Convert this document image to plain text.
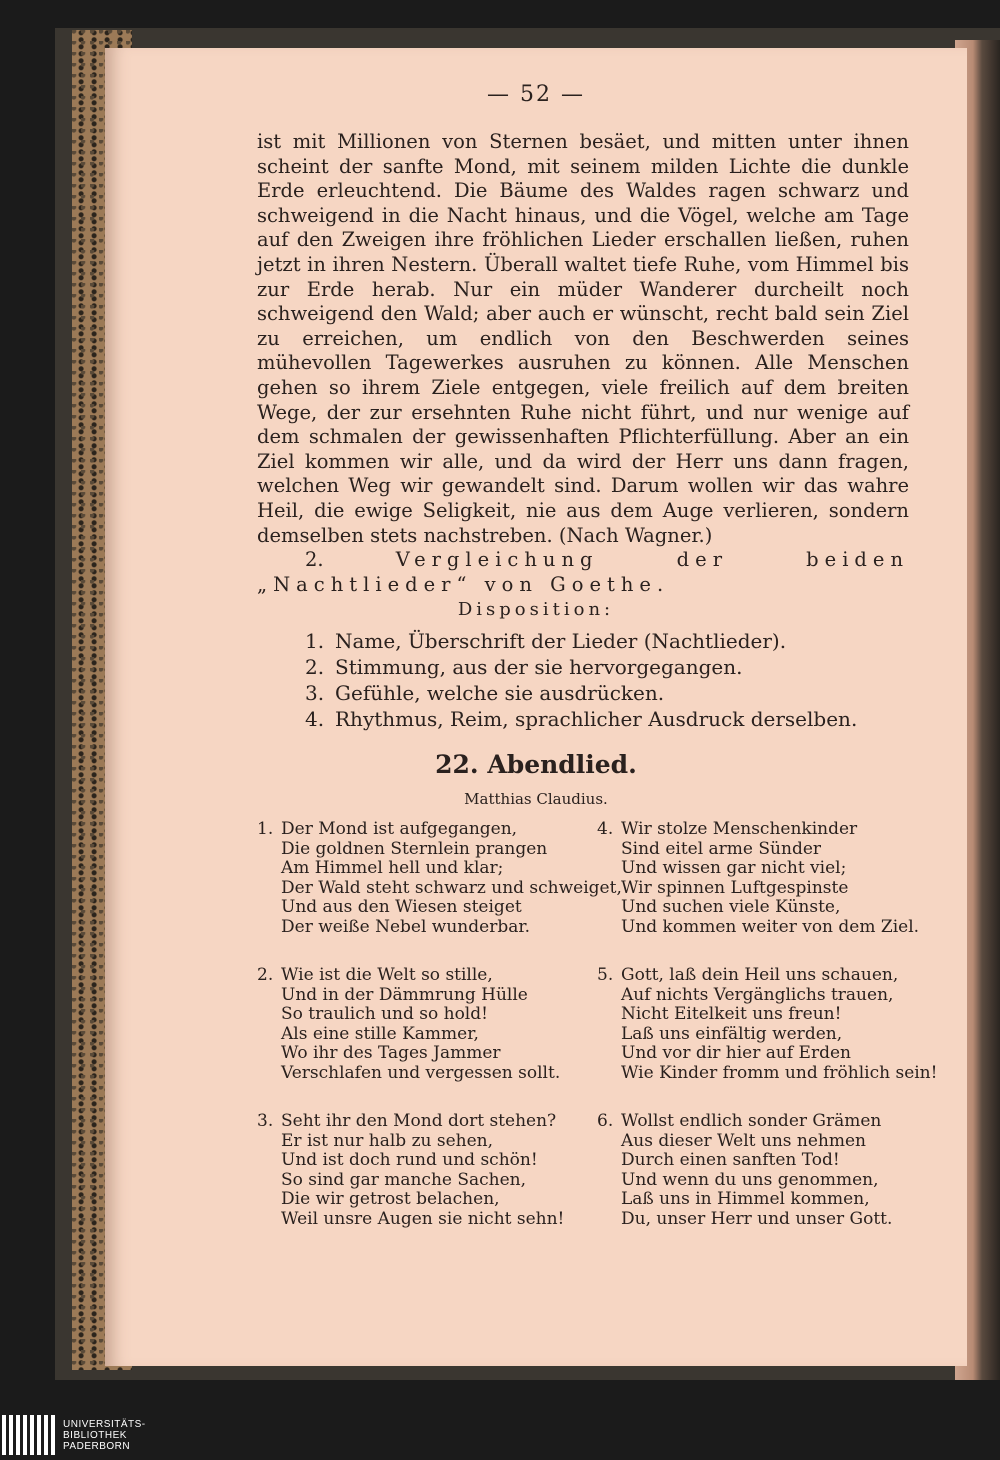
— 52 —

ist mit Millionen von Sternen besäet, und mitten unter ihnen scheint der sanfte Mond, mit seinem milden Lichte die dunkle Erde erleuchtend. Die Bäume des Waldes ragen schwarz und schweigend in die Nacht hinaus, und die Vögel, welche am Tage auf den Zweigen ihre fröhlichen Lieder erschallen ließen, ruhen jetzt in ihren Nestern. Überall waltet tiefe Ruhe, vom Himmel bis zur Erde herab. Nur ein müder Wanderer durcheilt noch schweigend den Wald; aber auch er wünscht, recht bald sein Ziel zu erreichen, um endlich von den Beschwerden seines mühevollen Tagewerkes ausruhen zu können. Alle Menschen gehen so ihrem Ziele entgegen, viele freilich auf dem breiten Wege, der zur ersehnten Ruhe nicht führt, und nur wenige auf dem schmalen der gewissenhaften Pflichterfüllung. Aber an ein Ziel kommen wir alle, und da wird der Herr uns dann fragen, welchen Weg wir gewandelt sind. Darum wollen wir das wahre Heil, die ewige Seligkeit, nie aus dem Auge verlieren, sondern demselben stets nachstreben. (Nach Wagner.)

2.	Vergleichung der beiden „Nachtlieder“ von Goethe.

Disposition:
1. Name, Überschrift der Lieder (Nachtlieder).
2. Stimmung, aus der sie hervorgegangen.
3. Gefühle, welche sie ausdrücken.
4. Rhythmus, Reim, sprachlicher Ausdruck derselben.
22. Abendlied.
Matthias Claudius.
1. Der Mond ist aufgegangen,
Die goldnen Sternlein prangen
Am Himmel hell und klar;
Der Wald steht schwarz und schweiget,
Und aus den Wiesen steiget
Der weiße Nebel wunderbar.
2. Wie ist die Welt so stille,
Und in der Dämmrung Hülle
So traulich und so hold!
Als eine stille Kammer,
Wo ihr des Tages Jammer
Verschlafen und vergessen sollt.
3. Seht ihr den Mond dort stehen?
Er ist nur halb zu sehen,
Und ist doch rund und schön!
So sind gar manche Sachen,
Die wir getrost belachen,
Weil unsre Augen sie nicht sehn!
4. Wir stolze Menschenkinder
Sind eitel arme Sünder
Und wissen gar nicht viel;
Wir spinnen Luftgespinste
Und suchen viele Künste,
Und kommen weiter von dem Ziel.
5. Gott, laß dein Heil uns schauen,
Auf nichts Vergänglichs trauen,
Nicht Eitelkeit uns freun!
Laß uns einfältig werden,
Und vor dir hier auf Erden
Wie Kinder fromm und fröhlich sein!
6. Wollst endlich sonder Grämen
Aus dieser Welt uns nehmen
Durch einen sanften Tod!
Und wenn du uns genommen,
Laß uns in Himmel kommen,
Du, unser Herr und unser Gott.
UNIVERSITÄTS-
BIBLIOTHEK
PADERBORN
